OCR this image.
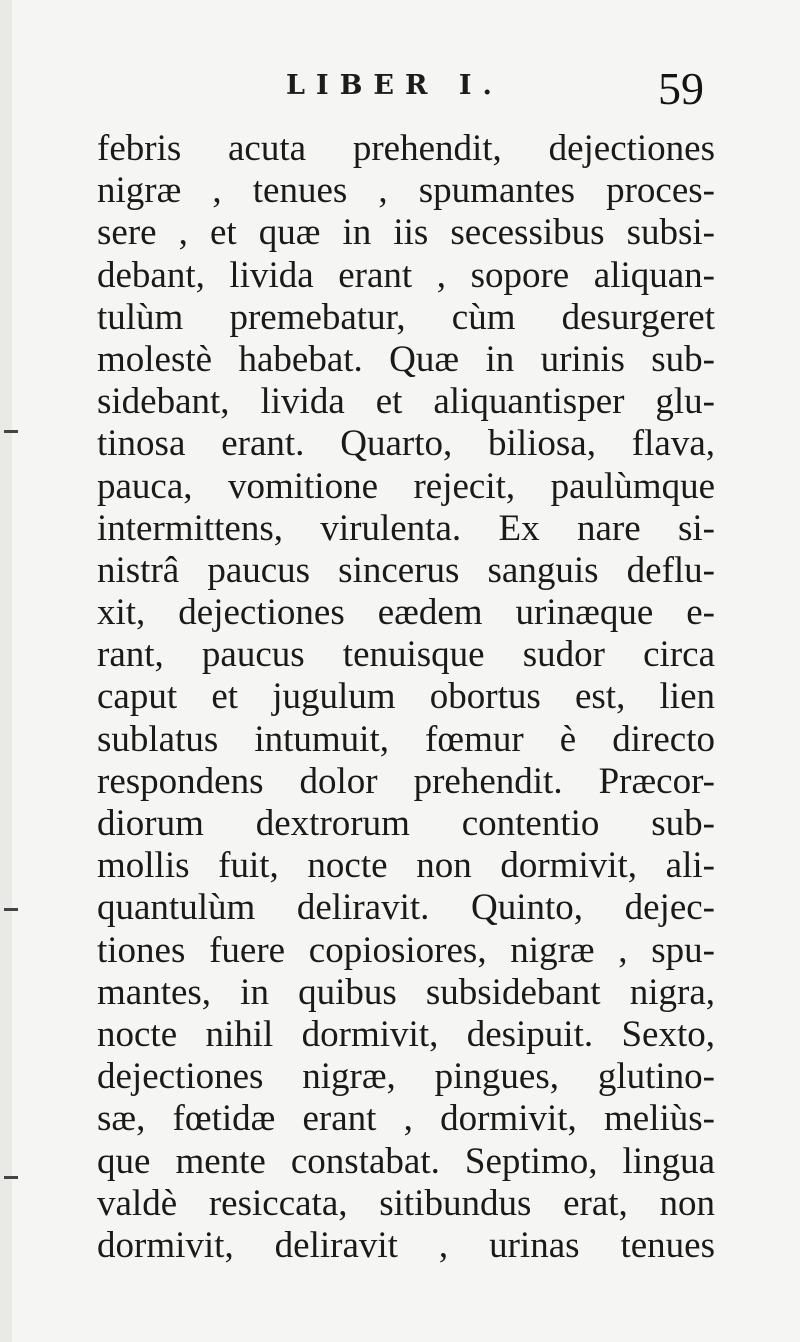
LIBER I.	59
febris acuta prehendit, dejectiones
nigræ , tenues , spumantes proces-
sere , et quæ in iis secessibus subsi-
debant, livida erant , sopore aliquan-
tulùm premebatur, cùm desurgeret
molestè habebat. Quæ in urinis sub-
sidebant, livida et aliquantisper glu-
tinosa erant. Quarto, biliosa, flava,
pauca, vomitione rejecit, paulùmque
intermittens, virulenta. Ex nare si-
nistrâ paucus sincerus sanguis deflu-
xit, dejectiones eædem urinæque e-
rant, paucus tenuisque sudor circa
caput et jugulum obortus est, lien
sublatus intumuit, fœmur è directo
respondens dolor prehendit. Præcor-
diorum dextrorum contentio sub-
mollis fuit, nocte non dormivit, ali-
quantulùm deliravit. Quinto, dejec-
tiones fuere copiosiores, nigræ , spu-
mantes, in quibus subsidebant nigra,
nocte nihil dormivit, desipuit. Sexto,
dejectiones nigræ, pingues, glutino-
sæ, fœtidæ erant , dormivit, meliùs-
que mente constabat. Septimo, lingua
valdè resiccata, sitibundus erat, non
dormivit, deliravit , urinas tenues
